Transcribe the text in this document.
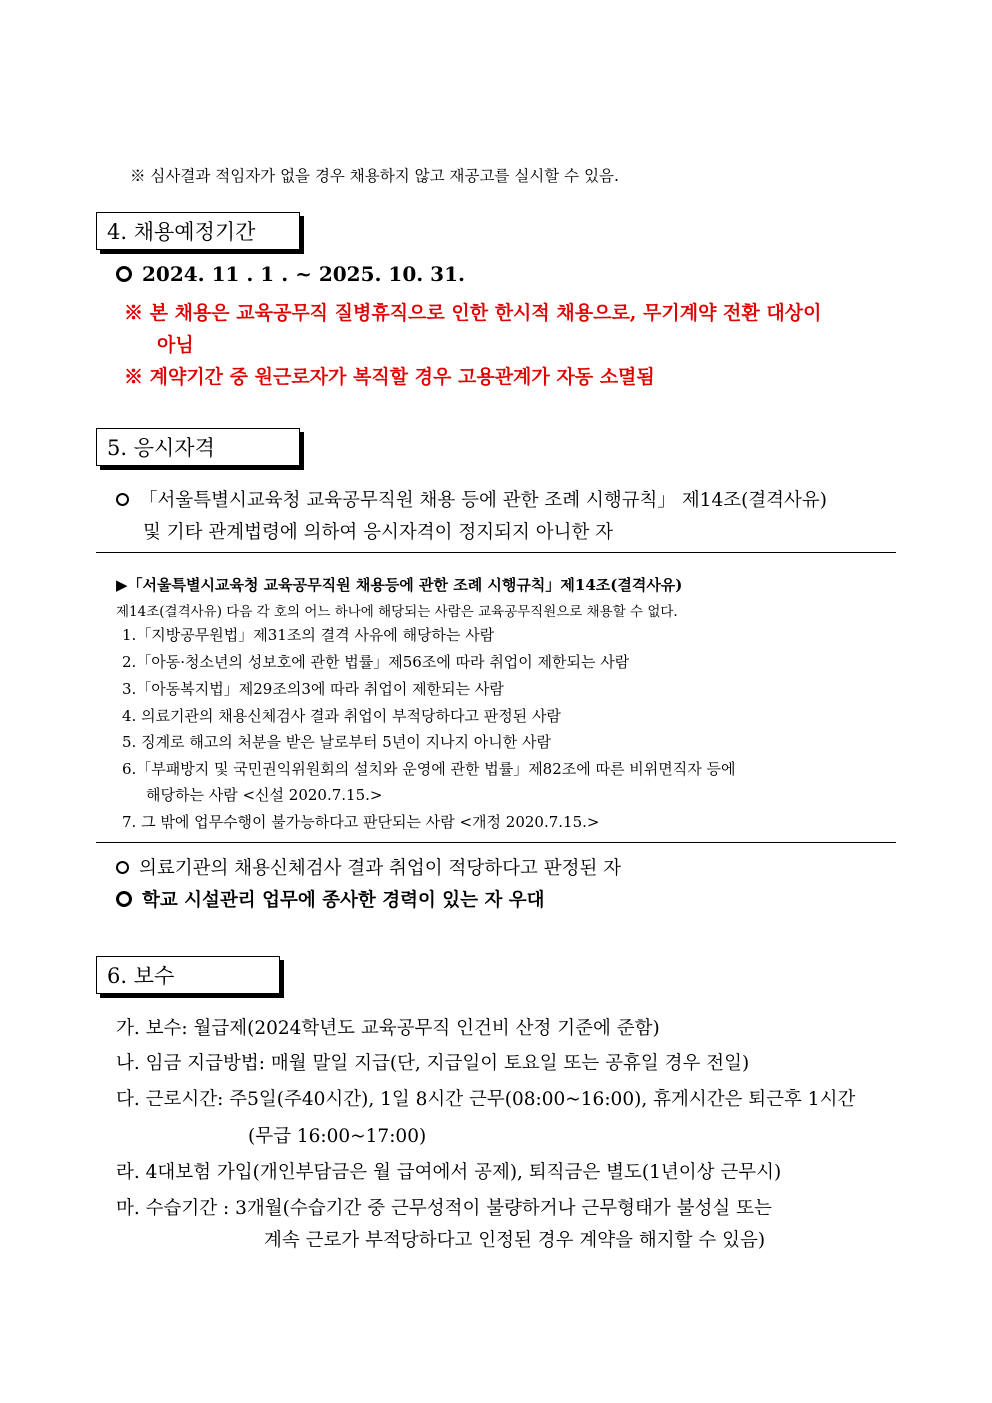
※ 심사결과 적임자가 없을 경우 채용하지 않고 재공고를 실시할 수 있음.
4. 채용예정기간
2024. 11 . 1 . ~ 2025. 10. 31.
※ 본 채용은 교육공무직 질병휴직으로 인한 한시적 채용으로, 무기계약 전환 대상이
아님
※ 계약기간 중 원근로자가 복직할 경우 고용관계가 자동 소멸됨
5. 응시자격
「서울특별시교육청 교육공무직원 채용 등에 관한 조례 시행규칙」 제14조(결격사유)
및 기타 관계법령에 의하여 응시자격이 정지되지 아니한 자
▶「서울특별시교육청 교육공무직원 채용등에 관한 조례 시행규칙」제14조(결격사유)
제14조(결격사유) 다음 각 호의 어느 하나에 해당되는 사람은 교육공무직원으로 채용할 수 없다.
1.「지방공무원법」제31조의 결격 사유에 해당하는 사람
2.「아동·청소년의 성보호에 관한 법률」제56조에 따라 취업이 제한되는 사람
3.「아동복지법」제29조의3에 따라 취업이 제한되는 사람
4. 의료기관의 채용신체검사 결과 취업이 부적당하다고 판정된 사람
5. 징계로 해고의 처분을 받은 날로부터 5년이 지나지 아니한 사람
6.「부패방지 및 국민권익위원회의 설치와 운영에 관한 법률」제82조에 따른 비위면직자 등에
해당하는 사람 <신설 2020.7.15.>
7. 그 밖에 업무수행이 불가능하다고 판단되는 사람 <개정 2020.7.15.>
의료기관의 채용신체검사 결과 취업이 적당하다고 판정된 자
학교 시설관리 업무에 종사한 경력이 있는 자 우대
6. 보수
가. 보수: 월급제(2024학년도 교육공무직 인건비 산정 기준에 준함)
나. 임금 지급방법: 매월 말일 지급(단, 지급일이 토요일 또는 공휴일 경우 전일)
다. 근로시간: 주5일(주40시간), 1일 8시간 근무(08:00~16:00), 휴게시간은 퇴근후 1시간
(무급 16:00~17:00)
라. 4대보험 가입(개인부담금은 월 급여에서 공제), 퇴직금은 별도(1년이상 근무시)
마. 수습기간 : 3개월(수습기간 중 근무성적이 불량하거나 근무형태가 불성실 또는
계속 근로가 부적당하다고 인정된 경우 계약을 해지할 수 있음)
